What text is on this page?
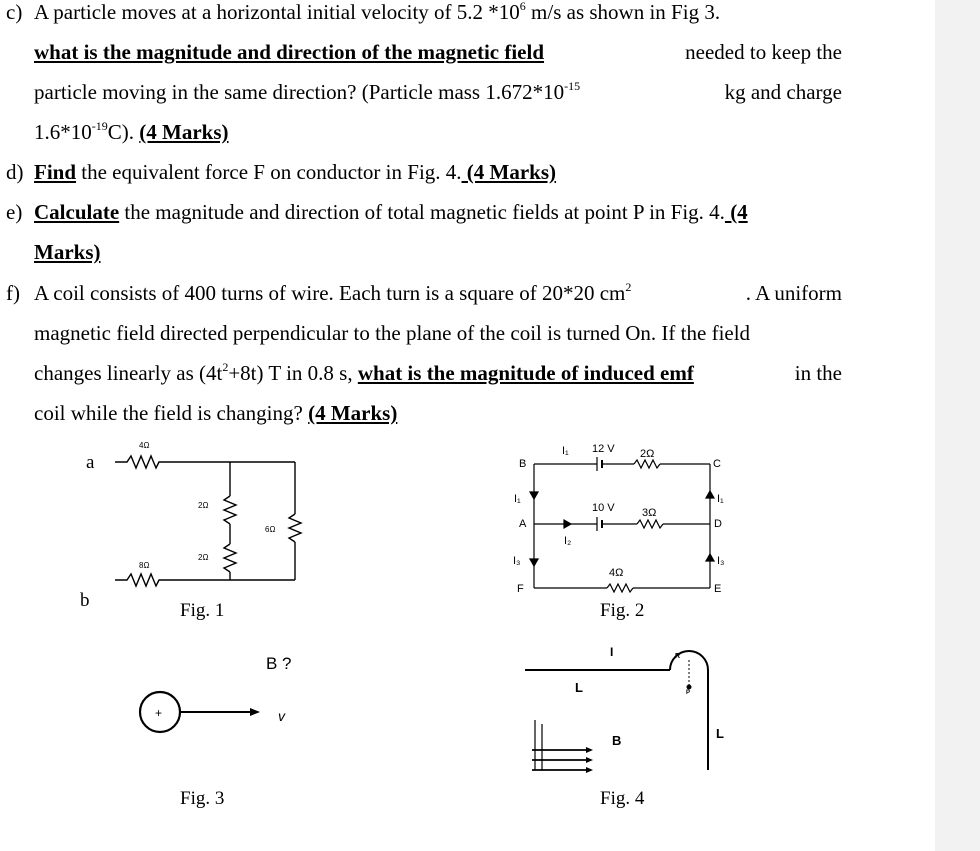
c) A particle moves at a horizontal initial velocity of 5.2 $*10^6$ m/s as shown in Fig 3.
what is the magnitude and direction of the magnetic field	needed to keep the
particle moving in the same direction? (Particle mass $1.672*10^{-15}$	kg and charge
$1.6*10^{-19}C$). (4 Marks)
d) Find the equivalent force F on conductor in Fig. 4. (4 Marks)
e) Calculate the magnitude and direction of total magnetic fields at point P in Fig. 4. (4
Marks)
f) A coil consists of 400 turns of wire. Each turn is a square of 20*20 $cm^2$	. A uniform
magnetic field directed perpendicular to the plane of the coil is turned On. If the field
changes linearly as $(4t^2+8t)$ T in 0.8 s, what is the magnitude of induced emf	in the
coil while the field is changing? (4 Marks)
a
b
4Ω
2Ω
2Ω
6Ω
8Ω
Fig. 1
B	C
A	D
F	E
I₁ 12 V 2Ω
I₁
I₃
I₂
10 V 3Ω
I₁
I₃
4Ω
Fig. 2
B ?
+	v
Fig. 3
I
L
R
P
L
B
Fig. 4
